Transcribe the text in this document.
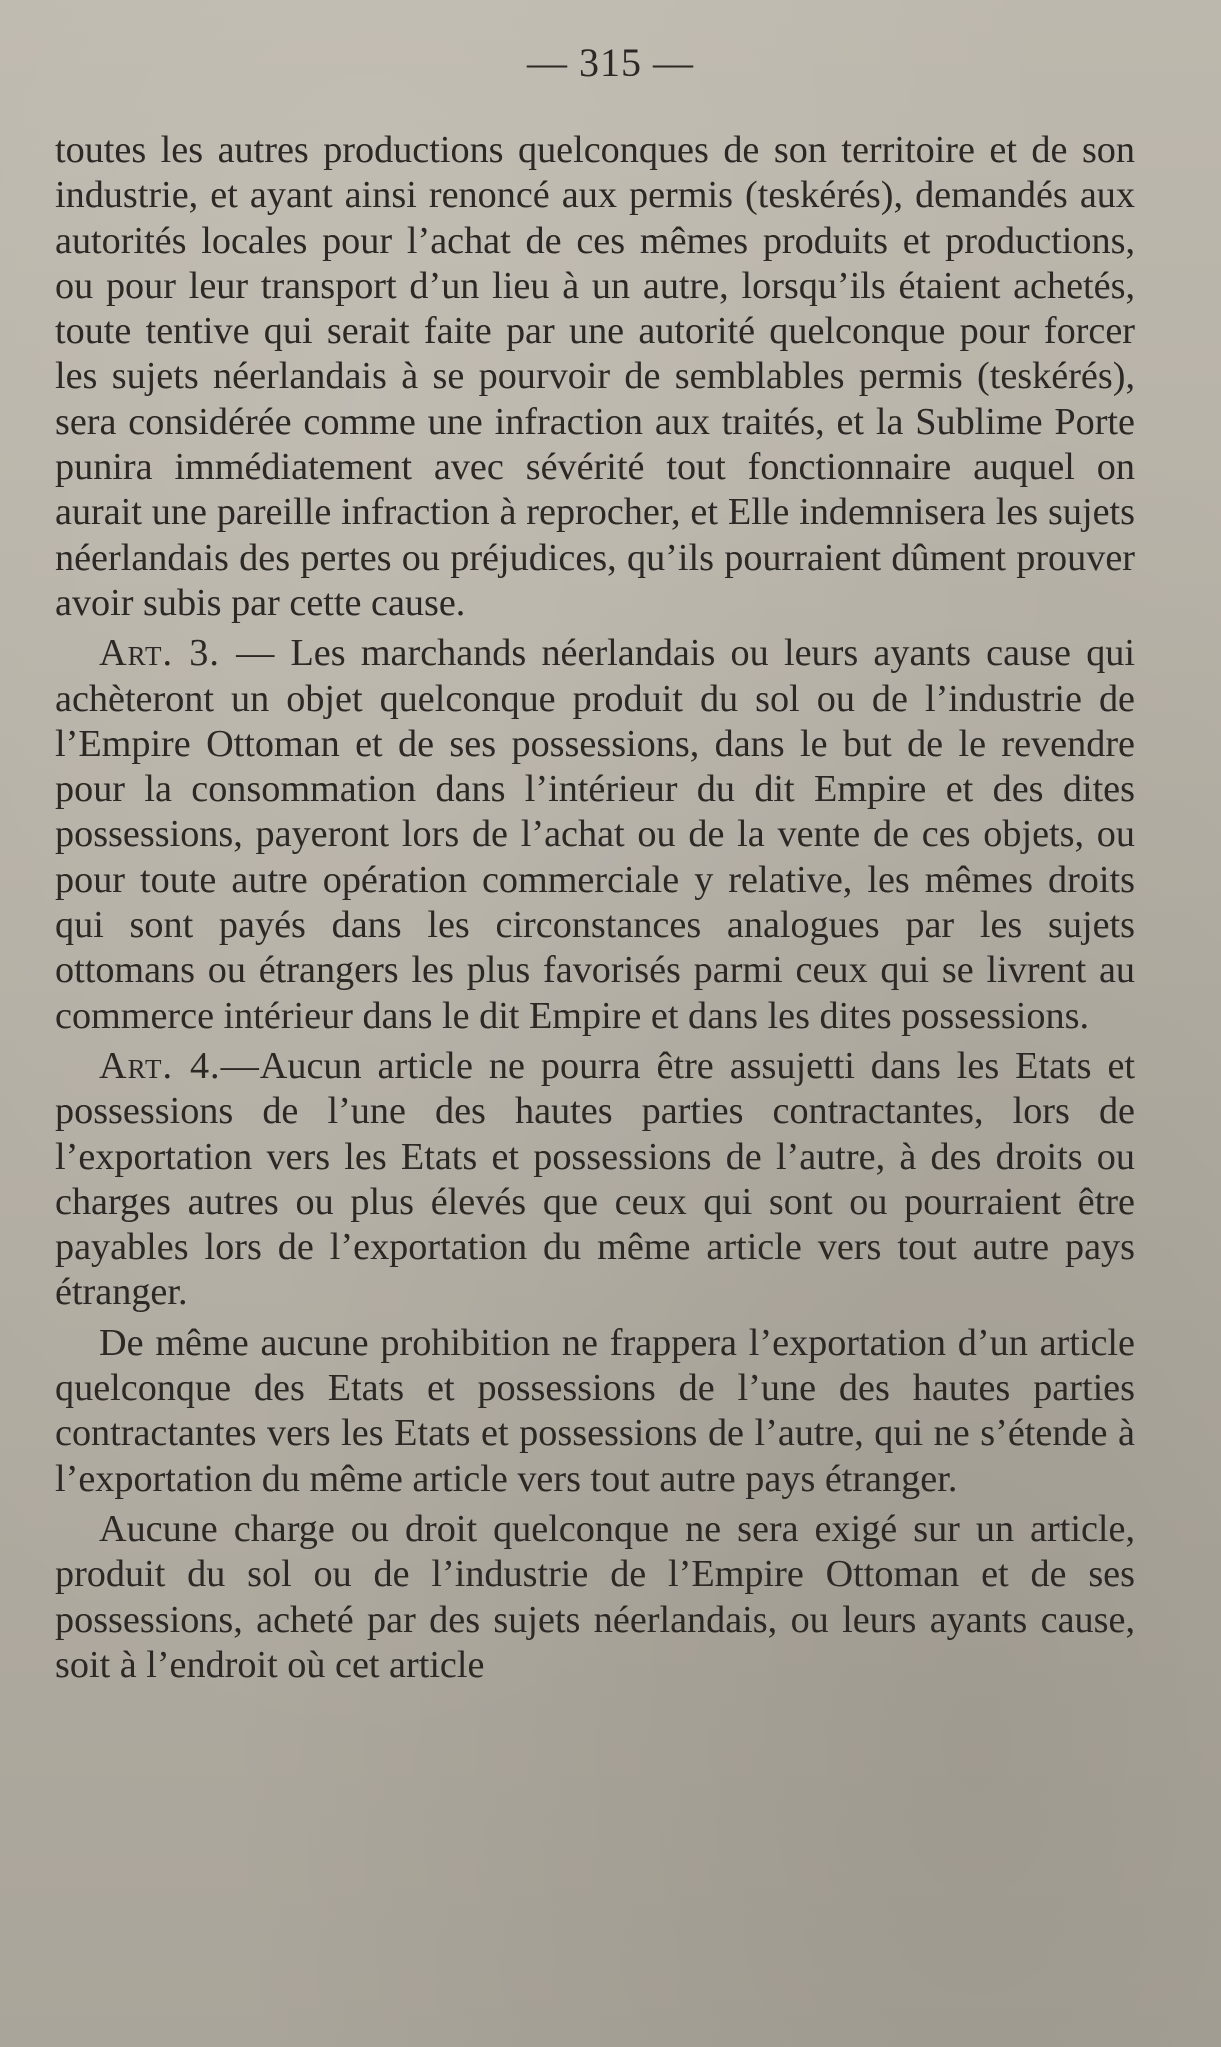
— 315 —

toutes les autres productions quelconques de son territoire et de son industrie, et ayant ainsi renoncé aux permis (teskérés), demandés aux autorités locales pour l’achat de ces mêmes produits et productions, ou pour leur transport d’un lieu à un autre, lorsqu’ils étaient achetés, toute tentive qui serait faite par une autorité quelconque pour forcer les sujets néerlandais à se pourvoir de semblables permis (teskérés), sera considérée comme une infraction aux traités, et la Sublime Porte punira immédiatement avec sévérité tout fonctionnaire auquel on aurait une pareille infraction à reprocher, et Elle indemnisera les sujets néerlandais des pertes ou préjudices, qu’ils pourraient dûment prouver avoir subis par cette cause.

Art. 3. — Les marchands néerlandais ou leurs ayants cause qui achèteront un objet quelconque produit du sol ou de l’industrie de l’Empire Ottoman et de ses possessions, dans le but de le revendre pour la consommation dans l’intérieur du dit Empire et des dites possessions, payeront lors de l’achat ou de la vente de ces objets, ou pour toute autre opération commerciale y relative, les mêmes droits qui sont payés dans les circonstances analogues par les sujets ottomans ou étrangers les plus favorisés parmi ceux qui se livrent au commerce intérieur dans le dit Empire et dans les dites possessions.

Art. 4.—Aucun article ne pourra être assujetti dans les Etats et possessions de l’une des hautes parties contractantes, lors de l’exportation vers les Etats et possessions de l’autre, à des droits ou charges autres ou plus élevés que ceux qui sont ou pourraient être payables lors de l’exportation du même article vers tout autre pays étranger.

De même aucune prohibition ne frappera l’exportation d’un article quelconque des Etats et possessions de l’une des hautes parties contractantes vers les Etats et possessions de l’autre, qui ne s’étende à l’exportation du même article vers tout autre pays étranger.

Aucune charge ou droit quelconque ne sera exigé sur un article, produit du sol ou de l’industrie de l’Empire Ottoman et de ses possessions, acheté par des sujets néerlandais, ou leurs ayants cause, soit à l’endroit où cet article
